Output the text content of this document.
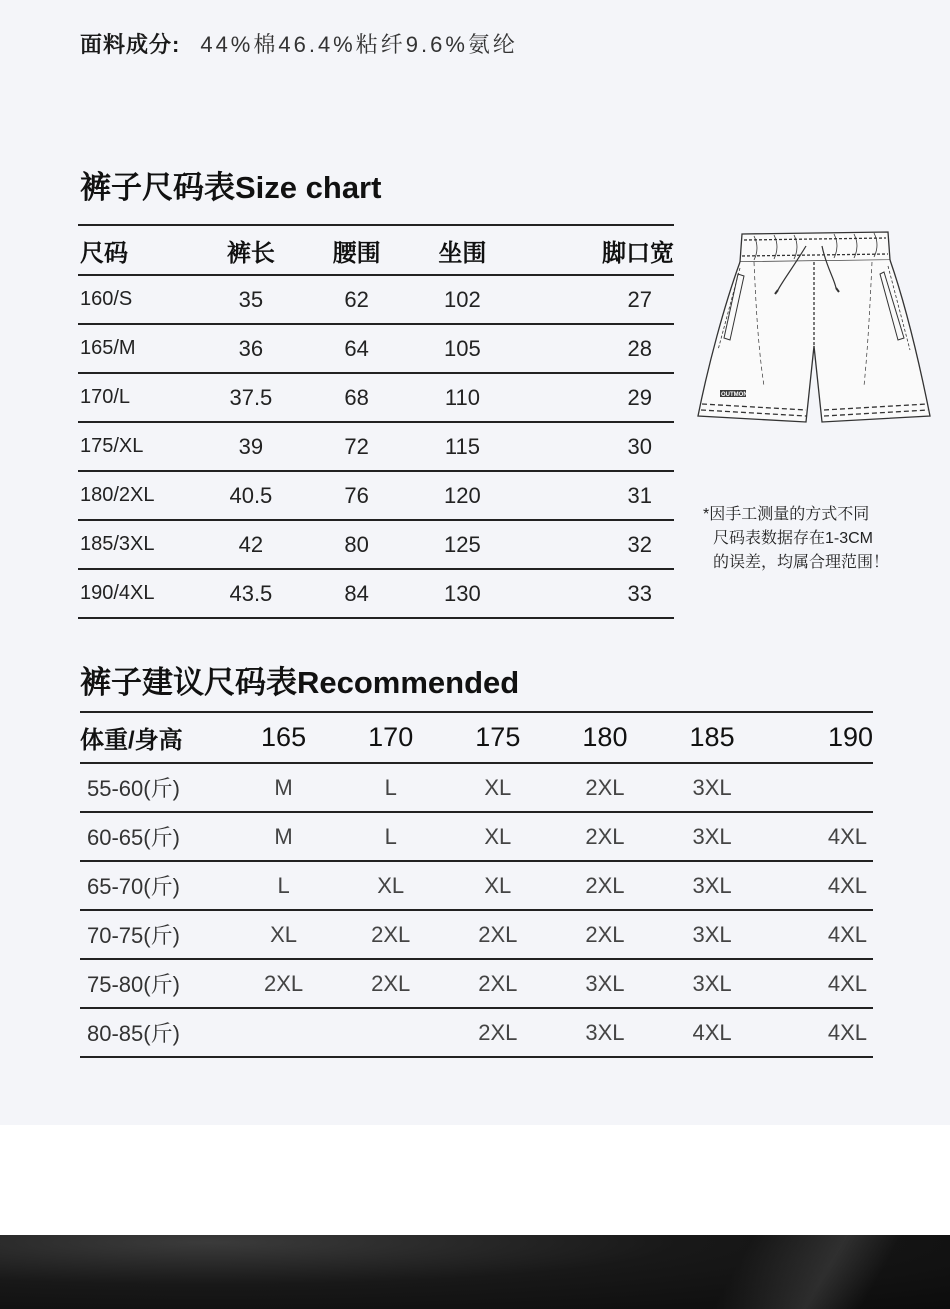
面料成分: 44%棉46.4%粘纤9.6%氨纶
裤子尺码表Size chart
尺码	裤长	腰围	坐围	脚口宽
160/S	35	62	102	27
165/M	36	64	105	28
170/L	37.5	68	110	29
175/XL	39	72	115	30
180/2XL	40.5	76	120	31
185/3XL	42	80	125	32
190/4XL	43.5	84	130	33
OUTMON
*因手工测量的方式不同
尺码表数据存在1-3CM
的误差，均属合理范围！
裤子建议尺码表Recommended
体重/身高	165	170	175	180	185	190
55-60(斤)	M	L	XL	2XL	3XL	
60-65(斤)	M	L	XL	2XL	3XL	4XL
65-70(斤)	L	XL	XL	2XL	3XL	4XL
70-75(斤)	XL	2XL	2XL	2XL	3XL	4XL
75-80(斤)	2XL	2XL	2XL	3XL	3XL	4XL
80-85(斤)			2XL	3XL	4XL	4XL
